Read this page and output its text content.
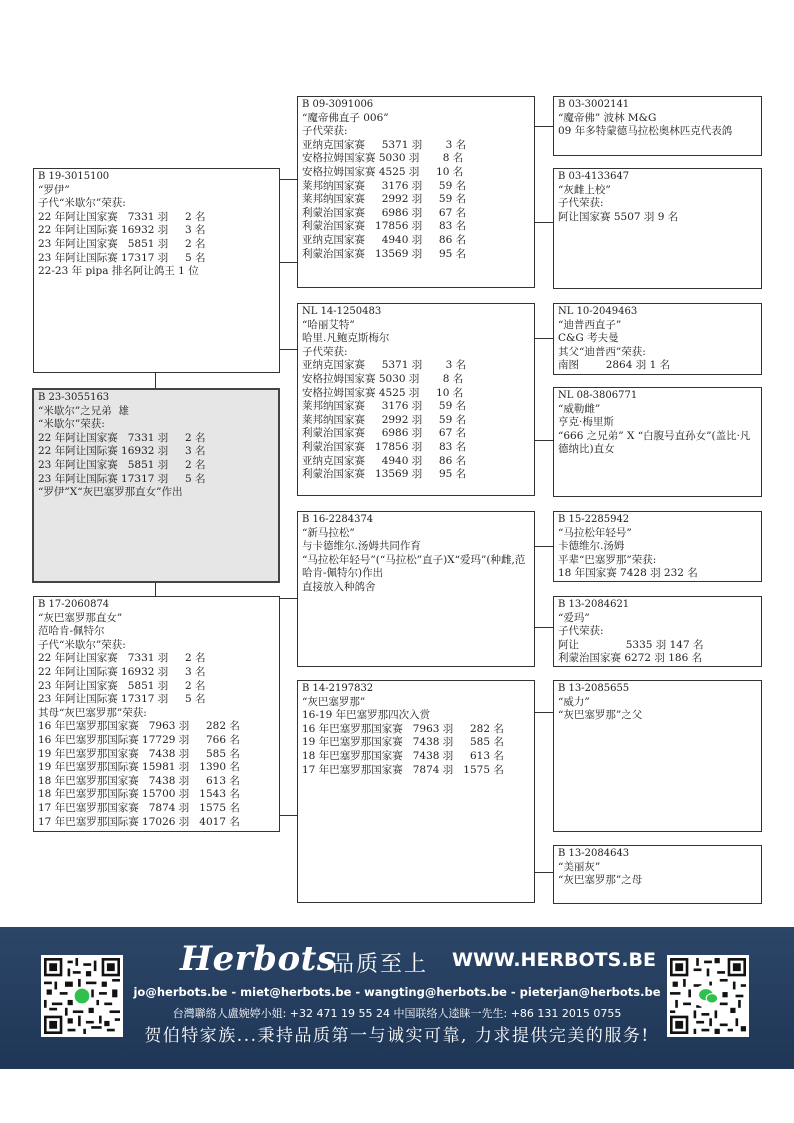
B 19-3015100
“罗伊”
子代“米歇尔”荣获:
22 年阿让国家赛   7331 羽     2 名
22 年阿让国际赛 16932 羽     3 名
23 年阿让国家赛   5851 羽     2 名
23 年阿让国际赛 17317 羽     5 名
22-23 年 pipa 排名阿让鸽王 1 位
B 23-3055163
“米歇尔”之兄弟  雄
“米歇尔”荣获:
22 年阿让国家赛   7331 羽     2 名
22 年阿让国际赛 16932 羽     3 名
23 年阿让国家赛   5851 羽     2 名
23 年阿让国际赛 17317 羽     5 名
“罗伊”X“灰巴塞罗那直女”作出
B 17-2060874
“灰巴塞罗那直女”
范哈肯-佩特尔
子代“米歇尔”荣获:
22 年阿让国家赛   7331 羽     2 名
22 年阿让国际赛 16932 羽     3 名
23 年阿让国家赛   5851 羽     2 名
23 年阿让国际赛 17317 羽     5 名
其母“灰巴塞罗那”荣获:
16 年巴塞罗那国家赛   7963 羽     282 名
16 年巴塞罗那国际赛 17729 羽     766 名
19 年巴塞罗那国家赛   7438 羽     585 名
19 年巴塞罗那国际赛 15981 羽   1390 名
18 年巴塞罗那国家赛   7438 羽     613 名
18 年巴塞罗那国际赛 15700 羽   1543 名
17 年巴塞罗那国家赛   7874 羽   1575 名
17 年巴塞罗那国际赛 17026 羽   4017 名
B 09-3091006
“魔帝佛直子 006”
子代荣获:
亚纳克国家赛     5371 羽       3 名
安格拉姆国家赛 5030 羽       8 名
安格拉姆国家赛 4525 羽     10 名
莱邦纳国家赛     3176 羽     59 名
莱邦纳国家赛     2992 羽     59 名
利蒙治国家赛     6986 羽     67 名
利蒙治国家赛   17856 羽     83 名
亚纳克国家赛     4940 羽     86 名
利蒙治国家赛   13569 羽     95 名
NL 14-1250483
“哈丽艾特”
哈里.凡鲍克斯梅尔
子代荣获:
亚纳克国家赛     5371 羽       3 名
安格拉姆国家赛 5030 羽       8 名
安格拉姆国家赛 4525 羽     10 名
莱邦纳国家赛     3176 羽     59 名
莱邦纳国家赛     2992 羽     59 名
利蒙治国家赛     6986 羽     67 名
利蒙治国家赛   17856 羽     83 名
亚纳克国家赛     4940 羽     86 名
利蒙治国家赛   13569 羽     95 名
B 16-2284374
“新马拉松”
与卡德维尔.汤姆共同作育
“马拉松年轻号”(“马拉松”直子)X“爱玛”(种雌,范哈肯-佩特尔)作出
直接放入种鸽舍
B 14-2197832
“灰巴塞罗那”
16-19 年巴塞罗那四次入赏
16 年巴塞罗那国家赛   7963 羽     282 名
19 年巴塞罗那国家赛   7438 羽     585 名
18 年巴塞罗那国家赛   7438 羽     613 名
17 年巴塞罗那国家赛   7874 羽   1575 名
B 03-3002141
“魔帝佛” 波林 M&G
09 年多特蒙德马拉松奥林匹克代表鸽
B 03-4133647
“灰雌上校”
子代荣获:
阿让国家赛 5507 羽 9 名
NL 10-2049463
“迪普西直子”
C&G 考夫曼
其父“迪普西”荣获:
南图        2864 羽 1 名
NL 08-3806771
“威勒雌”
亨克·梅里斯
“666 之兄弟” X “白腹号直孙女”(盖比·凡德纳比)直女
B 15-2285942
“马拉松年轻号”
卡德维尔.汤姆
平辈“巴塞罗那”荣获:
18 年国家赛 7428 羽 232 名
B 13-2084621
“爱玛”
子代荣获:
阿让              5335 羽 147 名
利蒙治国家赛 6272 羽 186 名
B 13-2085655
“威力”
“灰巴塞罗那”之父
B 13-2084643
“美丽灰”
“灰巴塞罗那”之母
Herbots
品质至上 WWW.HERBOTS.BE
jo@herbots.be - miet@herbots.be - wangting@herbots.be - pieterjan@herbots.be
台灣聯絡人盧婉婷小姐: +32 471 19 55 24 中国联络人逵睐一先生: +86 131 2015 0755
贺伯特家族...秉持品质第一与诚实可靠, 力求提供完美的服务!
